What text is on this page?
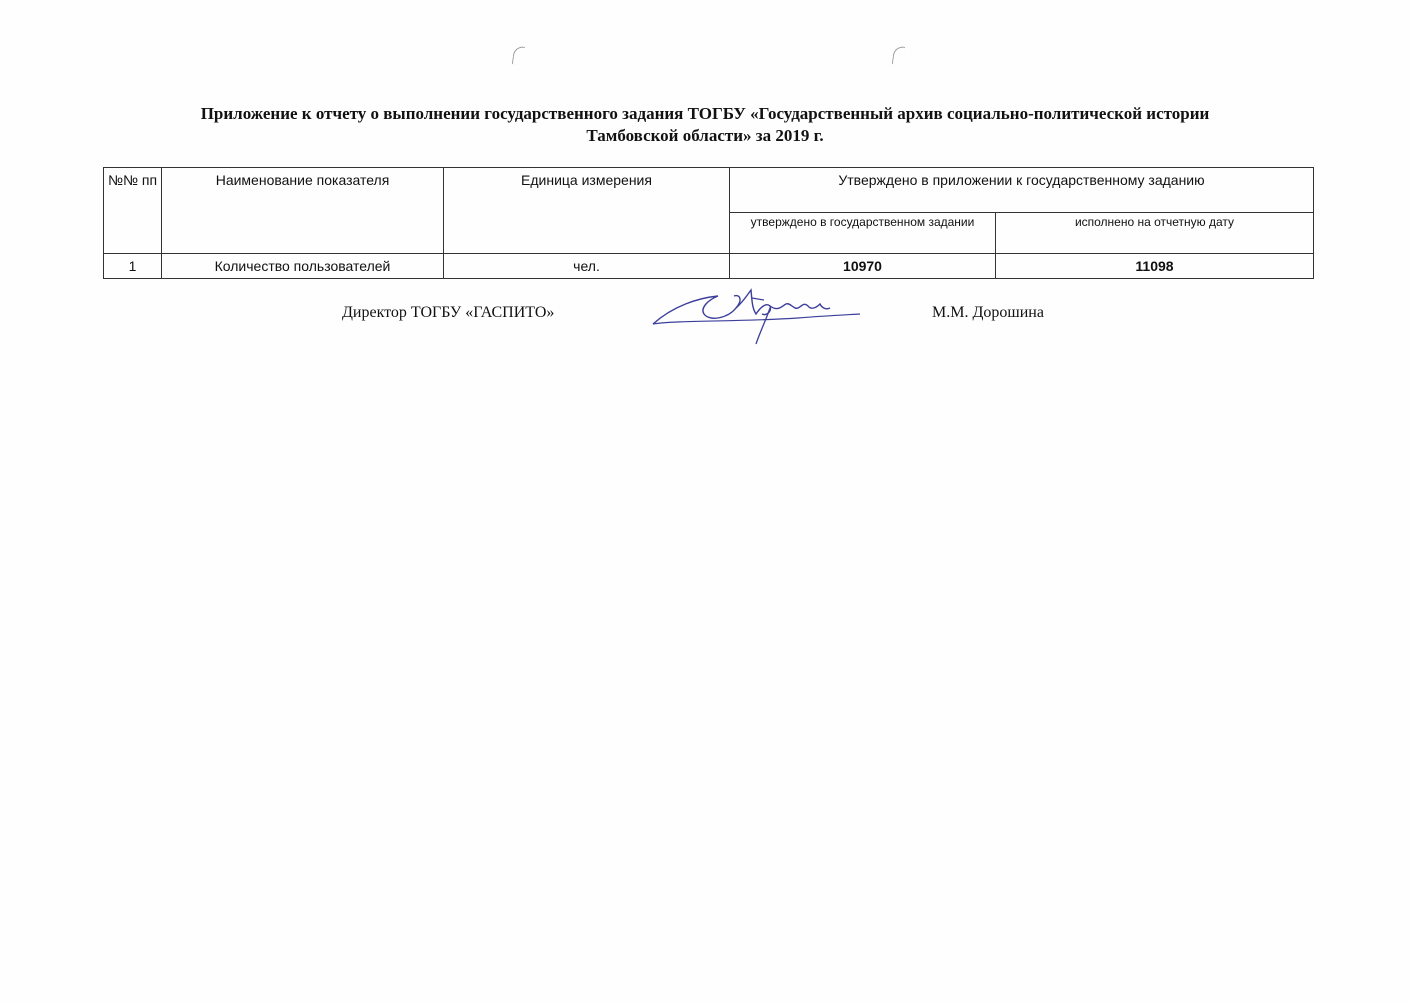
Приложение к отчету о выполнении государственного задания ТОГБУ «Государственный архив социально-политической истории
Тамбовской области» за 2019 г.
№№ пп	Наименование показателя	Единица измерения	Утверждено в приложении к государственному заданию	
			утверждено в государственном задании	исполнено на отчетную дату
1	Количество пользователей	чел.	10970	11098
Директор ТОГБУ «ГАСПИТО»	М.М. Дорошина
